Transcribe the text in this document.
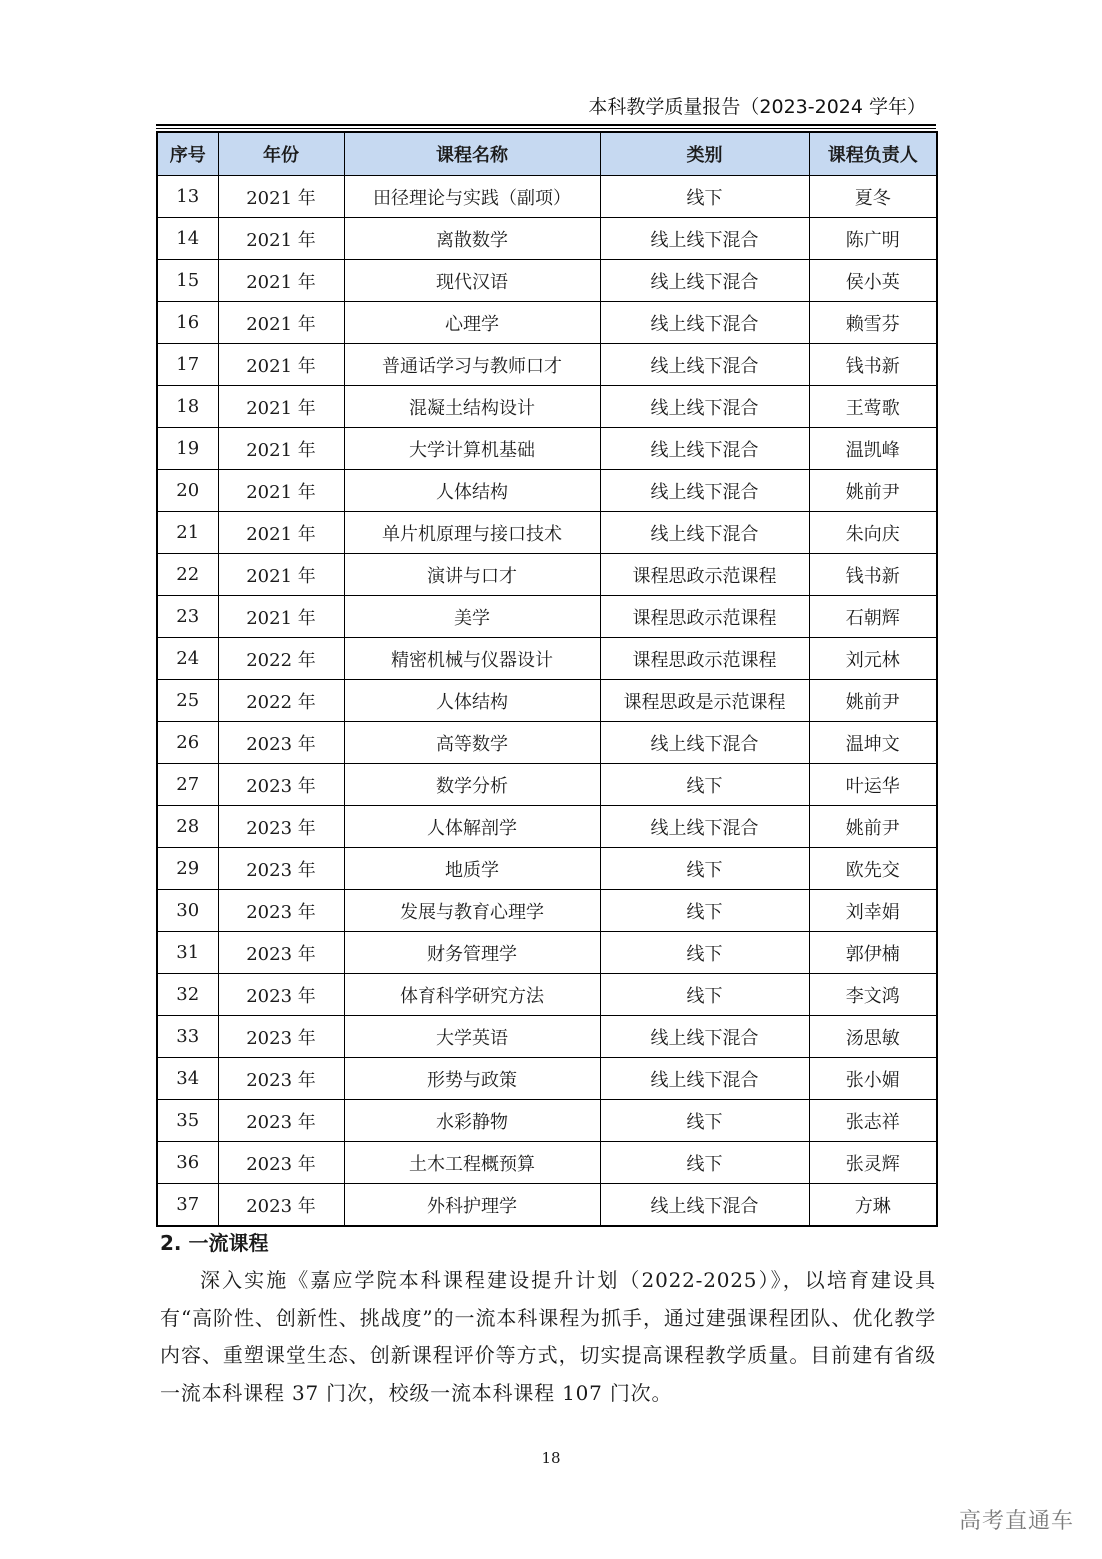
本科教学质量报告（2023-2024 学年）
序号	年份	课程名称	类别	课程负责人
13	2021 年	田径理论与实践（副项）	线下	夏冬
14	2021 年	离散数学	线上线下混合	陈广明
15	2021 年	现代汉语	线上线下混合	侯小英
16	2021 年	心理学	线上线下混合	赖雪芬
17	2021 年	普通话学习与教师口才	线上线下混合	钱书新
18	2021 年	混凝土结构设计	线上线下混合	王莺歌
19	2021 年	大学计算机基础	线上线下混合	温凯峰
20	2021 年	人体结构	线上线下混合	姚前尹
21	2021 年	单片机原理与接口技术	线上线下混合	朱向庆
22	2021 年	演讲与口才	课程思政示范课程	钱书新
23	2021 年	美学	课程思政示范课程	石朝辉
24	2022 年	精密机械与仪器设计	课程思政示范课程	刘元林
25	2022 年	人体结构	课程思政是示范课程	姚前尹
26	2023 年	高等数学	线上线下混合	温坤文
27	2023 年	数学分析	线下	叶运华
28	2023 年	人体解剖学	线上线下混合	姚前尹
29	2023 年	地质学	线下	欧先交
30	2023 年	发展与教育心理学	线下	刘幸娟
31	2023 年	财务管理学	线下	郭伊楠
32	2023 年	体育科学研究方法	线下	李文鸿
33	2023 年	大学英语	线上线下混合	汤思敏
34	2023 年	形势与政策	线上线下混合	张小媚
35	2023 年	水彩静物	线下	张志祥
36	2023 年	土木工程概预算	线下	张灵辉
37	2023 年	外科护理学	线上线下混合	方琳
2. 一流课程

深入实施《嘉应学院本科课程建设提升计划（2022-2025）》，以培育建设具有“高阶性、创新性、挑战度”的一流本科课程为抓手，通过建强课程团队、优化教学内容、重塑课堂生态、创新课程评价等方式，切实提高课程教学质量。目前建有省级一流本科课程 37 门次，校级一流本科课程 107 门次。

18
高考直通车
